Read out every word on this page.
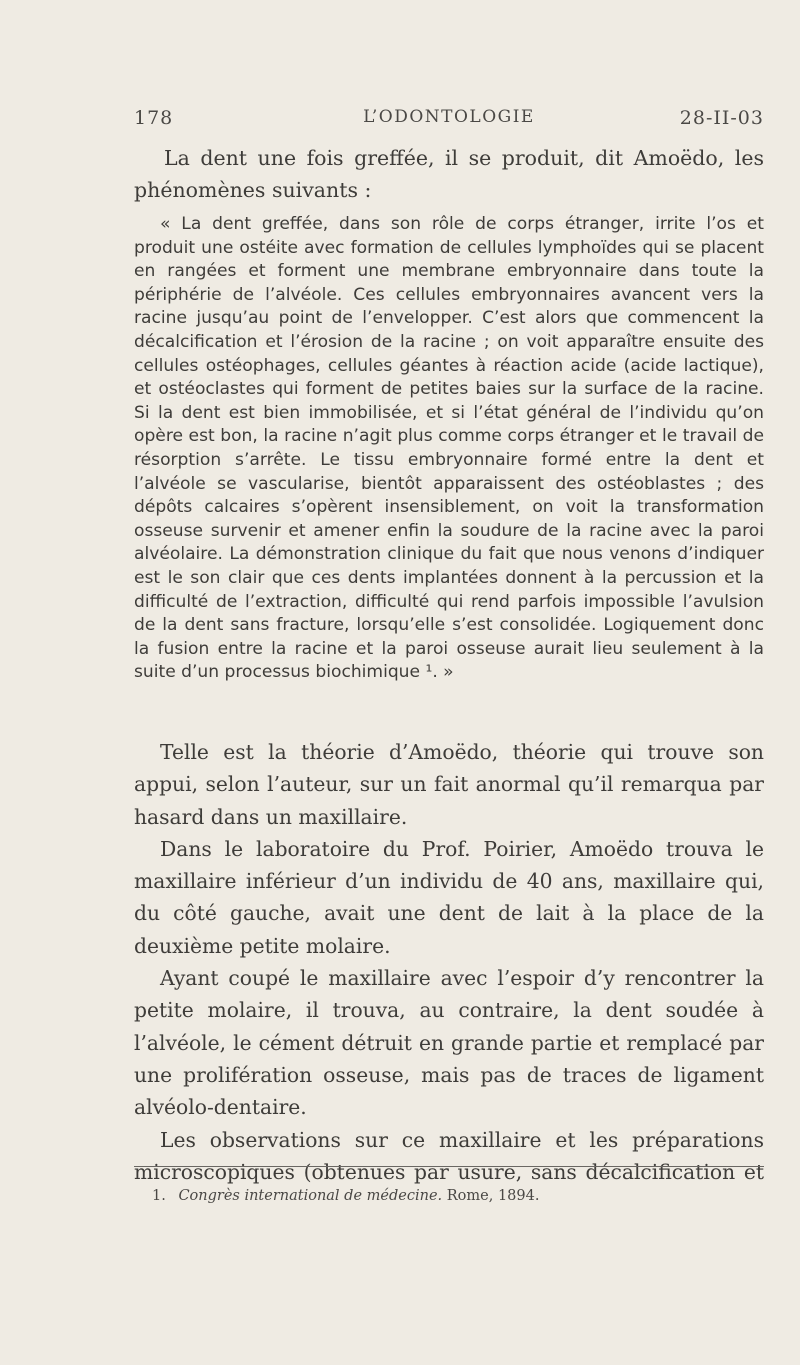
178	L’ODONTOLOGIE	28-II-03

La dent une fois greffée, il se produit, dit Amoëdo, les phénomènes suivants :

« La dent greffée, dans son rôle de corps étranger, irrite l’os et produit une ostéite avec formation de cellules lymphoïdes qui se placent en rangées et forment une membrane embryonnaire dans toute la périphérie de l’alvéole. Ces cellules embryonnaires avancent vers la racine jusqu’au point de l’envelopper. C’est alors que commencent la décalcification et l’érosion de la racine ; on voit apparaître ensuite des cellules ostéophages, cellules géantes à réaction acide (acide lactique), et ostéoclastes qui forment de petites baies sur la surface de la racine. Si la dent est bien immobilisée, et si l’état général de l’individu qu’on opère est bon, la racine n’agit plus comme corps étranger et le travail de résorption s’arrête. Le tissu embryonnaire formé entre la dent et l’alvéole se vascularise, bientôt apparaissent des ostéoblastes ; des dépôts calcaires s’opèrent insensiblement, on voit la transformation osseuse survenir et amener enfin la soudure de la racine avec la paroi alvéolaire. La démonstration clinique du fait que nous venons d’indiquer est le son clair que ces dents implantées donnent à la percussion et la difficulté de l’extraction, difficulté qui rend parfois impossible l’avulsion de la dent sans fracture, lorsqu’elle s’est consolidée. Logiquement donc la fusion entre la racine et la paroi osseuse aurait lieu seulement à la suite d’un processus biochimique ¹. »

Telle est la théorie d’Amoëdo, théorie qui trouve son appui, selon l’auteur, sur un fait anormal qu’il remarqua par hasard dans un maxillaire.

Dans le laboratoire du Prof. Poirier, Amoëdo trouva le maxillaire inférieur d’un individu de 40 ans, maxillaire qui, du côté gauche, avait une dent de lait à la place de la deuxième petite molaire.

Ayant coupé le maxillaire avec l’espoir d’y rencontrer la petite molaire, il trouva, au contraire, la dent soudée à l’alvéole, le cément détruit en grande partie et remplacé par une prolifération osseuse, mais pas de traces de ligament alvéolo-dentaire.

Les observations sur ce maxillaire et les préparations microscopiques (obtenues par usure, sans décalcification et

1. Congrès international de médecine. Rome, 1894.
